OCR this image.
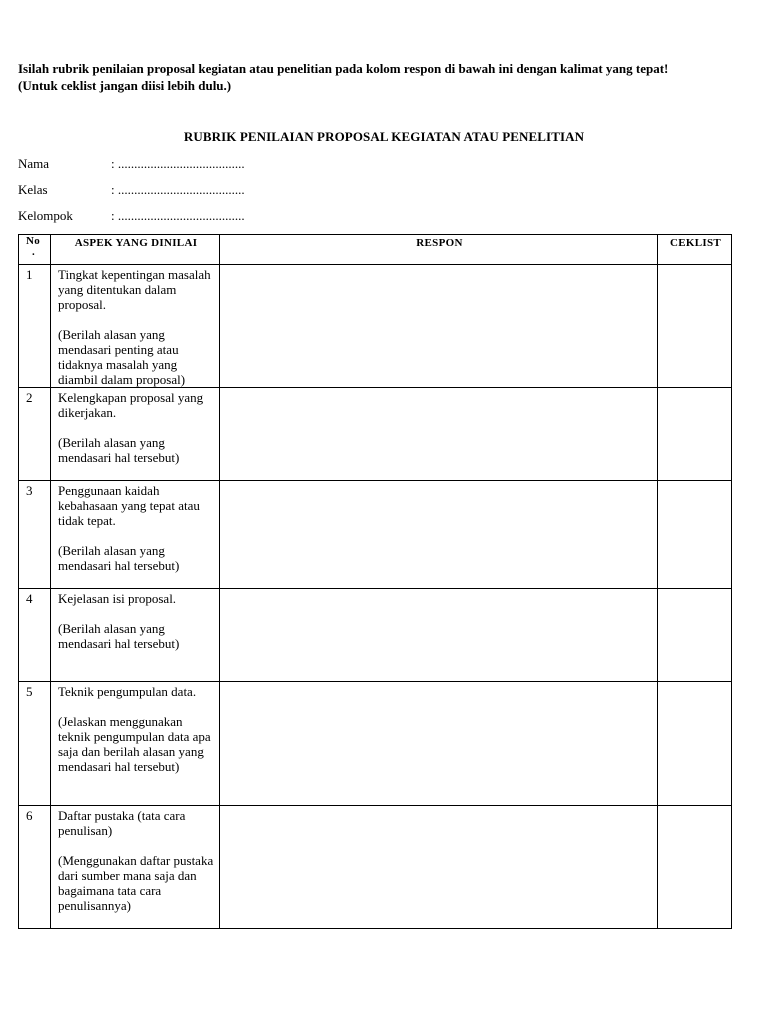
Isilah rubrik penilaian proposal kegiatan atau penelitian pada kolom respon di bawah ini dengan kalimat yang tepat!
(Untuk ceklist jangan diisi lebih dulu.)
RUBRIK PENILAIAN PROPOSAL KEGIATAN ATAU PENELITIAN
Nama	: .......................................
Kelas	: .......................................
Kelompok	: .......................................
No
.	ASPEK YANG DINILAI	RESPON	CEKLIST
1	Tingkat kepentingan masalah yang ditentukan dalam proposal.
(Berilah alasan yang mendasari penting atau tidaknya masalah yang diambil dalam proposal)		

2	Kelengkapan proposal yang dikerjakan.
(Berilah alasan yang mendasari hal tersebut)		

3	Penggunaan kaidah kebahasaan yang tepat atau tidak tepat.
(Berilah alasan yang mendasari hal tersebut)		

4	Kejelasan isi proposal.
(Berilah alasan yang mendasari hal tersebut)		

5	Teknik pengumpulan data.
(Jelaskan menggunakan teknik pengumpulan data apa saja dan berilah alasan yang mendasari hal tersebut)		

6	Daftar pustaka (tata cara penulisan)
(Menggunakan daftar pustaka dari sumber mana saja dan bagaimana tata cara penulisannya)		
